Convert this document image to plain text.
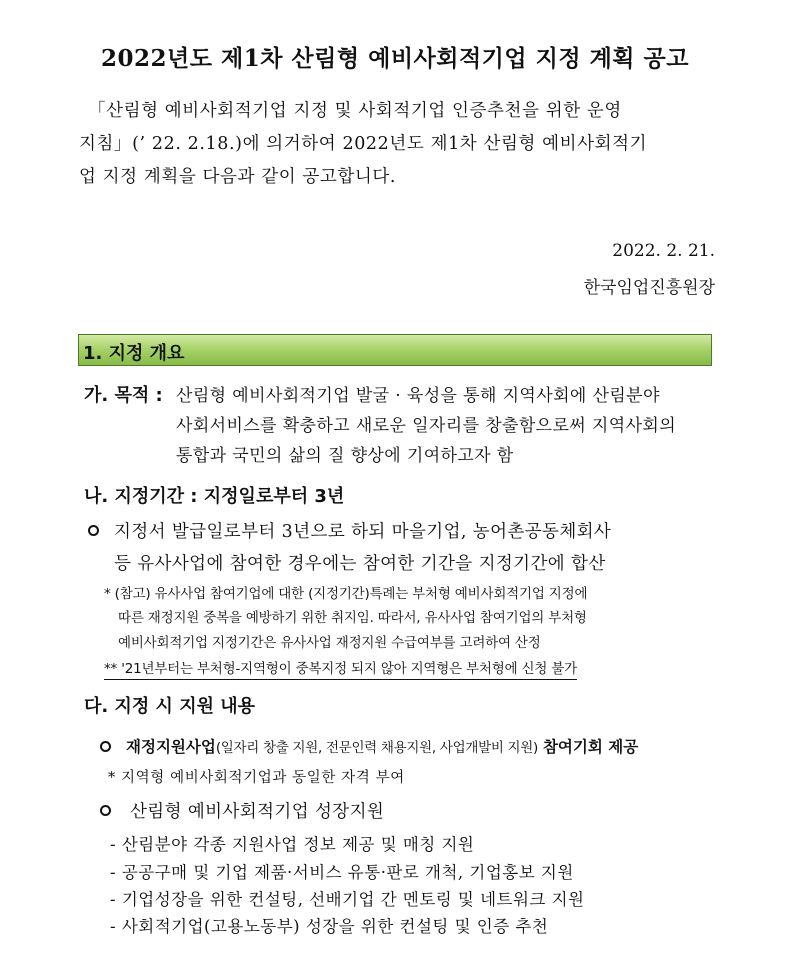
2022년도 제1차 산림형 예비사회적기업 지정 계획 공고
「산림형 예비사회적기업 지정 및 사회적기업 인증추천을 위한 운영
지침」(’ 22. 2.18.)에 의거하여 2022년도 제1차 산림형 예비사회적기
업 지정 계획을 다음과 같이 공고합니다.
2022. 2. 21.
한국임업진흥원장
1. 지정 개요
가. 목적 : 산림형 예비사회적기업 발굴 · 육성을 통해 지역사회에 산림분야
사회서비스를 확충하고 새로운 일자리를 창출함으로써 지역사회의
통합과 국민의 삶의 질 향상에 기여하고자 함
나. 지정기간 : 지정일로부터 3년
지정서 발급일로부터 3년으로 하되 마을기업, 농어촌공동체회사
등 유사사업에 참여한 경우에는 참여한 기간을 지정기간에 합산
* (참고) 유사사업 참여기업에 대한 (지정기간)특례는 부처형 예비사회적기업 지정에
따른 재정지원 중복을 예방하기 위한 취지임. 따라서, 유사사업 참여기업의 부처형
예비사회적기업 지정기간은 유사사업 재정지원 수급여부를 고려하여 산정
** '21년부터는 부처형-지역형이 중복지정 되지 않아 지역형은 부처형에 신청 불가
다. 지정 시 지원 내용
재정지원사업(일자리 창출 지원, 전문인력 채용지원, 사업개발비 지원) 참여기회 제공
* 지역형 예비사회적기업과 동일한 자격 부여
산림형 예비사회적기업 성장지원
- 산림분야 각종 지원사업 정보 제공 및 매칭 지원
- 공공구매 및 기업 제품·서비스 유통·판로 개척, 기업홍보 지원
- 기업성장을 위한 컨설팅, 선배기업 간 멘토링 및 네트워크 지원
- 사회적기업(고용노동부) 성장을 위한 컨설팅 및 인증 추천
